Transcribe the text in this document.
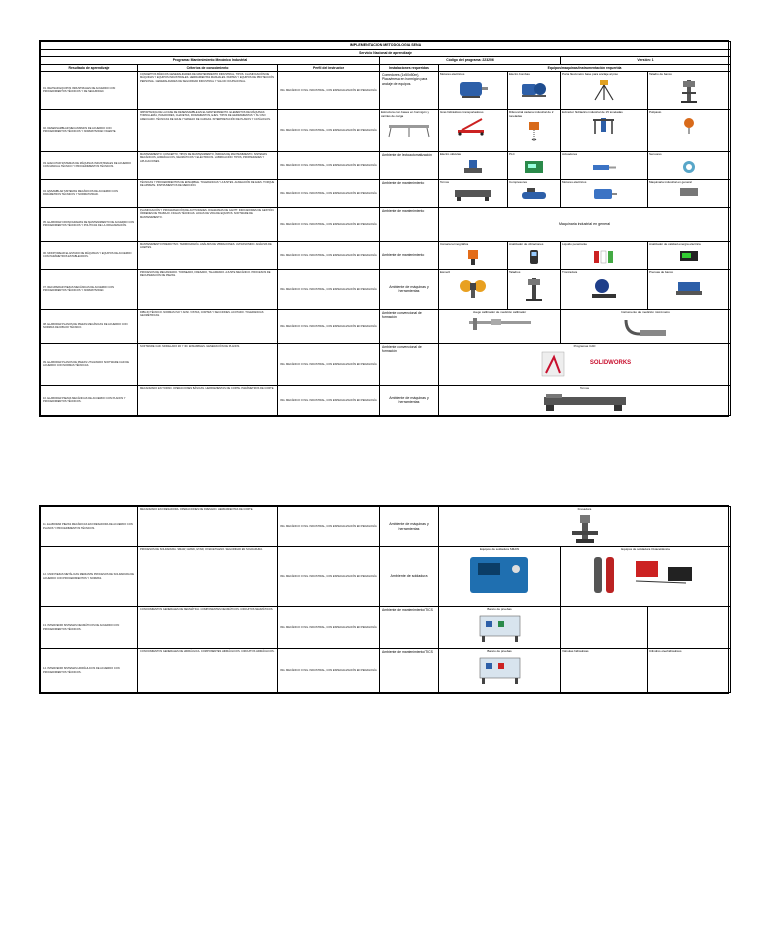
IMPLEMENTACION METODOLOGIA SENA							
Servicio Nacional de aprendizaje							
Programa: Mantenimiento Mecánico Industrial			Código del programa: 223206			Versión: 1	
Resultado de aprendizaje	Criterios de conocimiento	Perfil del instructor	Instalaciones requeridas	Equipos/maquinas/instrumentación requerida			
01. REVISAR EQUIPOS INDUSTRIALES DE ACUERDO CON PROCEDIMIENTOS TÉCNICOS Y DE SEGURIDAD.	CONCEPTOS BÁSICOS GENERALIDADES DE MANTENIMIENTO INDUSTRIAL, TIPOS. CLASIFICACIÓN DE MÁQUINAS Y EQUIPOS INDUSTRIALES. HERRAMIENTAS MANUALES. PARTES Y EQUIPOS DE PROTECCIÓN PERSONAL. GENERALIDADES DE SEGURIDAD INDUSTRIAL Y SALUD OCUPACIONAL.	ING. MECÁNICO O ING. INDUSTRIAL, CON ESPECIALIZACIÓN EN PEDAGOGÍA	Comedores (1x50x50m), Placa/mesa en hormigón para anclaje de equipos.	Motores eléctricos	Electro bombas	Porta flexómetro base para anclaje al piso	Taladro de banco

02. DESENSAMBLAR MECANISMOS DE ACUERDO CON PROCEDIMIENTOS TÉCNICOS Y NORMATIVIDAD VIGENTE.	IMPORTANCIA DE LA FASE DE DESENSAMBLE EN EL MANTENIMIENTO. ELEMENTOS DE MÁQUINAS: TORNILLERÍA, PASADORES, CHAVETAS, RODAMIENTOS, EJES. TIPOS DE HERRAMIENTAS Y SU USO ADECUADO. TÉCNICAS DE IZAJE Y MANEJO DE CARGAS. INTERPRETACIÓN DE PLANOS Y CATÁLOGOS.	ING. MECÁNICO O ING. INDUSTRIAL, CON ESPECIALIZACIÓN EN PEDAGOGÍA	Estructura con bases en hormigón y carriles de carga	Gras hidráulicos transportadores	Diferencial cadena industrial de 2 toneladas	Extractor hidráulico industrial de 15 toneladas	Polipasto

03. EJECUTAR SISTEMAS DE MÁQUINAS INDUSTRIALES DE ACUERDO CON MANUAL TÉCNICO Y PROCEDIMIENTOS TÉCNICOS.	MANTENIMIENTO: CONCEPTO, TIPOS DE MANTENIMIENTO, ÍNDICES DE MANTENIMIENTO. SISTEMAS MECÁNICOS, HIDRÁULICOS, NEUMÁTICOS Y ELÉCTRICOS. LUBRICACIÓN: TIPOS, PROPIEDADES Y APLICACIONES.	ING. MECÁNICO O ING. INDUSTRIAL, CON ESPECIALIZACIÓN EN PEDAGOGÍA	Ambiente de lectoautomatización	Electro válvulas	PLC	Actuadores	Sensores

04. ENSAMBLAR SISTEMAS MECÁNICOS DE ACUERDO CON PARÁMETROS TÉCNICOS Y NORMATIVIDAD.	TÉCNICAS Y PROCEDIMIENTOS DE ENSAMBLE. TOLERANCIAS Y AJUSTES. ALINEACIÓN DE EJES. TORQUE DE APRIETE. INSTRUMENTOS DE MEDICIÓN.	ING. MECÁNICO O ING. INDUSTRIAL, CON ESPECIALIZACIÓN EN PEDAGOGÍA	Ambiente de mantenimiento	Tornos	Compresores	Motores eléctricos	Maquinaria industrial en general

05. ELABORAR CRONOGRAMAS DE MANTENIMIENTO DE ACUERDO CON PROCEDIMIENTOS TÉCNICOS Y POLÍTICAS DE LA ORGANIZACIÓN.	PLANIFICACIÓN Y PROGRAMACIÓN DE ACTIVIDADES. DIAGRAMAS DE GANTT. INDICADORES DE GESTIÓN. ÓRDENES DE TRABAJO. FICHAS TÉCNICAS. HOJAS DE VIDA DE EQUIPOS. SOFTWARE DE MANTENIMIENTO.	ING. MECÁNICO O ING. INDUSTRIAL, CON ESPECIALIZACIÓN EN PEDAGOGÍA	Ambiente de mantenimiento	Maquinaria industrial en general			
06. MONITOREAR EL ESTADO DE MÁQUINAS Y EQUIPOS DE ACUERDO CON PARÁMETROS ESTABLECIDOS.	MANTENIMIENTO PREDICTIVO. TERMOGRAFÍA. ANÁLISIS DE VIBRACIONES. ULTRASONIDO. ANÁLISIS DE ACEITES.	ING. MECÁNICO O ING. INDUSTRIAL, CON ESPECIALIZACIÓN EN PEDAGOGÍA	Ambiente de mantenimiento	Cámara termográfica	Analizador de vibraciones	Líquido penetrante	Analizador de calidad energía eléctrica

07. RECUPERAR PIEZAS MECÁNICAS DE ACUERDO CON PROCEDIMIENTOS TÉCNICOS Y NORMATIVIDAD.	PROCESOS DE MECANIZADO. TORNEADO, FRESADO, TALADRADO. AJUSTE MECÁNICO. PROCESOS DE RECUPERACIÓN DE PIEZAS.	ING. MECÁNICO O ING. INDUSTRIAL, CON ESPECIALIZACIÓN EN PEDAGOGÍA	Ambiente de máquinas y herramientas	Esmeril	Taladros	Tronzadora	Prensas de banco

08. ELABORAR PLANOS DE PIEZAS MECÁNICAS DE ACUERDO CON NORMAS DE DIBUJO TÉCNICO.	DIBUJO TÉCNICO. NORMAS ISO Y ANSI. VISTAS, CORTES Y SECCIONES. ACOTADO. TOLERANCIAS GEOMÉTRICAS.	ING. MECÁNICO O ING. INDUSTRIAL, CON ESPECIALIZACIÓN EN PEDAGOGÍA	Ambiente convencional de formación	Juego calibrador de medición calibrador		Instrumento de medición micrómetro	

09. ELABORAR PLANOS DE PIEZAS UTILIZANDO SOFTWARE CAD DE ACUERDO CON NORMAS TÉCNICAS.	SOFTWARE CAD. MODELADO 2D Y 3D. ENSAMBLES. GENERACIÓN DE PLANOS.	ING. MECÁNICO O ING. INDUSTRIAL, CON ESPECIALIZACIÓN EN PEDAGOGÍA	Ambiente convencional de formación	Programas CAD
SOLIDWORKS			

10. ELABORAR PIEZAS MECÁNICAS DE ACUERDO CON PLANOS Y PROCEDIMIENTOS TÉCNICOS.	MECANIZADO EN TORNO. OPERACIONES BÁSICAS. HERRAMIENTAS DE CORTE. PARÁMETROS DE CORTE.	ING. MECÁNICO O ING. INDUSTRIAL, CON ESPECIALIZACIÓN EN PEDAGOGÍA	Ambiente de máquinas y herramientas	Tornos			
11. ELABORAR PIEZAS MECÁNICAS EN FRESADORA DE ACUERDO CON PLANOS Y PROCEDIMIENTOS TÉCNICOS.	MECANIZADO EN FRESADORA. OPERACIONES DE FRESADO. HERRAMIENTAS DE CORTE.	ING. MECÁNICO O ING. INDUSTRIAL, CON ESPECIALIZACIÓN EN PEDAGOGÍA	Ambiente de máquinas y herramientas	Fresadora		

12. UNIR PIEZAS METÁLICAS MEDIANTE PROCESOS DE SOLDADURA DE ACUERDO CON PROCEDIMIENTOS Y NORMAS.	PROCESOS DE SOLDADURA. SMAW, GMAW, GTAW, OXIACETILENO. SEGURIDAD EN SOLDADURA.	ING. MECÁNICO O ING. INDUSTRIAL, CON ESPECIALIZACIÓN EN PEDAGOGÍA	Ambiente de soldadura	Equipos de soldadura SMAW	Equipos de soldadura Oxiacetilénica	

13. INTERVENIR SISTEMAS NEUMÁTICOS DE ACUERDO CON PROCEDIMIENTOS TÉCNICOS.	CONOCIMIENTOS GENERALES DE NEUMÁTICA. COMPONENTES NEUMÁTICOS. CIRCUITOS NEUMÁTICOS.	ING. MECÁNICO O ING. INDUSTRIAL, CON ESPECIALIZACIÓN EN PEDAGOGÍA	Ambiente de mantenimiento/TICS	Banco de pruebas		

14. INTERVENIR SISTEMAS HIDRÁULICOS DE ACUERDO CON PROCEDIMIENTOS TÉCNICOS.	CONOCIMIENTOS GENERALES DE HIDRÁULICA. COMPONENTES HIDRÁULICOS. CIRCUITOS HIDRÁULICOS.	ING. MECÁNICO O ING. INDUSTRIAL, CON ESPECIALIZACIÓN EN PEDAGOGÍA	Ambiente de mantenimiento/TICS	Banco de pruebas	Válvulas hidráulicas	Cilindros oleohidráulicos
